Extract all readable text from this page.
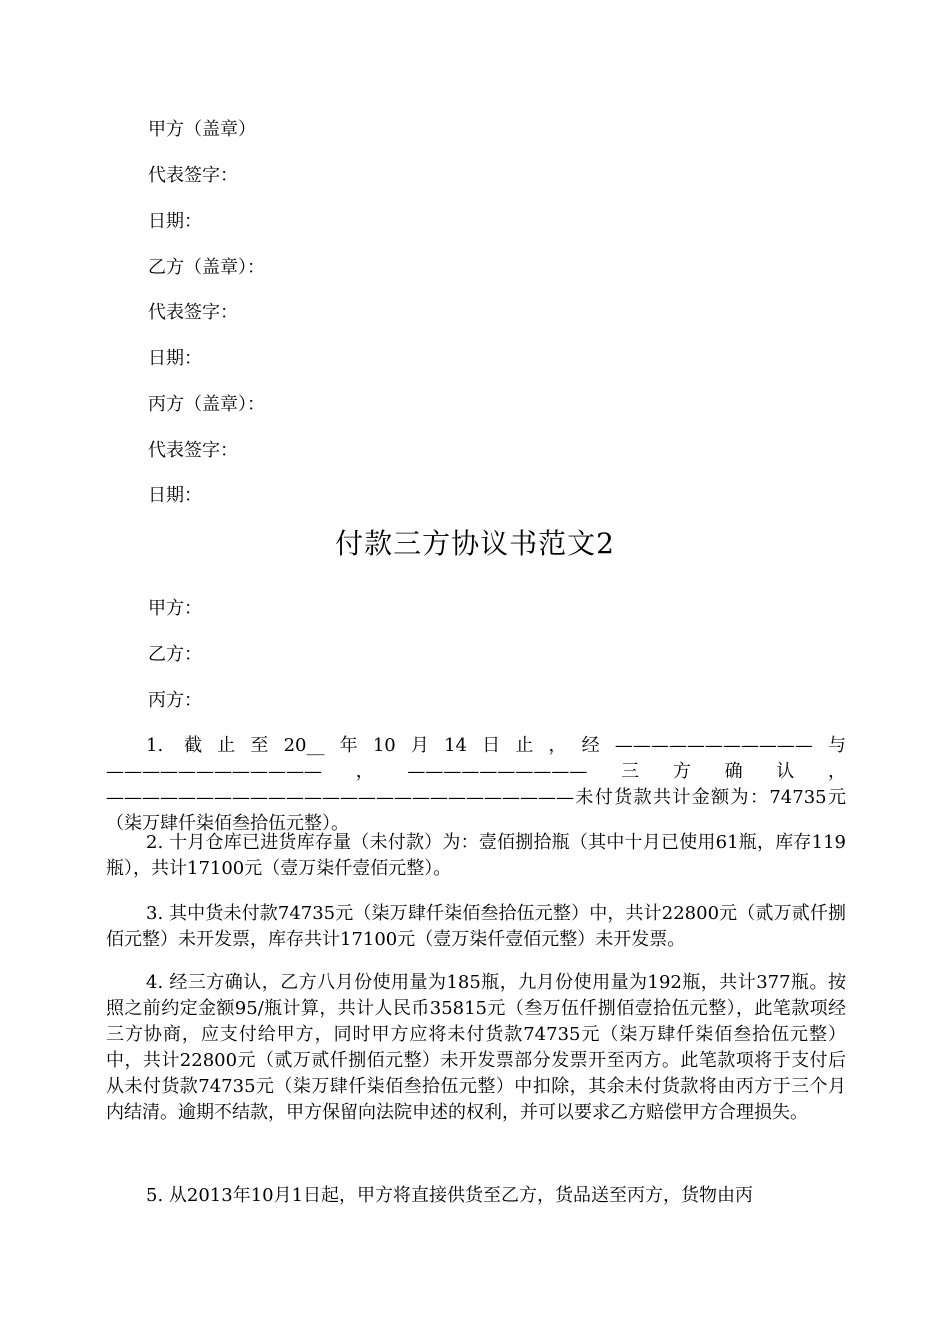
甲方（盖章）
代表签字：
日期：
乙方（盖章）：
代表签字：
日期：
丙方（盖章）：
代表签字：
日期：
付款三方协议书范文2
甲方：
乙方：
丙方：
1. 截止至20__年10月14日止，经———————————与————————————，——————————三方确认，——————————————————————————未付货款共计金额为：74735元（柒万肆仟柒佰叁拾伍元整）。
2. 十月仓库已进货库存量（未付款）为：壹佰捌拾瓶（其中十月已使用61瓶，库存119瓶），共计17100元（壹万柒仟壹佰元整）。
3. 其中货未付款74735元（柒万肆仟柒佰叁拾伍元整）中，共计22800元（贰万贰仟捌佰元整）未开发票，库存共计17100元（壹万柒仟壹佰元整）未开发票。
4. 经三方确认，乙方八月份使用量为185瓶，九月份使用量为192瓶，共计377瓶。按照之前约定金额95/瓶计算，共计人民币35815元（叁万伍仟捌佰壹拾伍元整），此笔款项经三方协商，应支付给甲方，同时甲方应将未付货款74735元（柒万肆仟柒佰叁拾伍元整）中，共计22800元（贰万贰仟捌佰元整）未开发票部分发票开至丙方。此笔款项将于支付后从未付货款74735元（柒万肆仟柒佰叁拾伍元整）中扣除，其余未付货款将由丙方于三个月内结清。逾期不结款，甲方保留向法院申述的权利，并可以要求乙方赔偿甲方合理损失。
5. 从2013年10月1日起，甲方将直接供货至乙方，货品送至丙方，货物由丙
